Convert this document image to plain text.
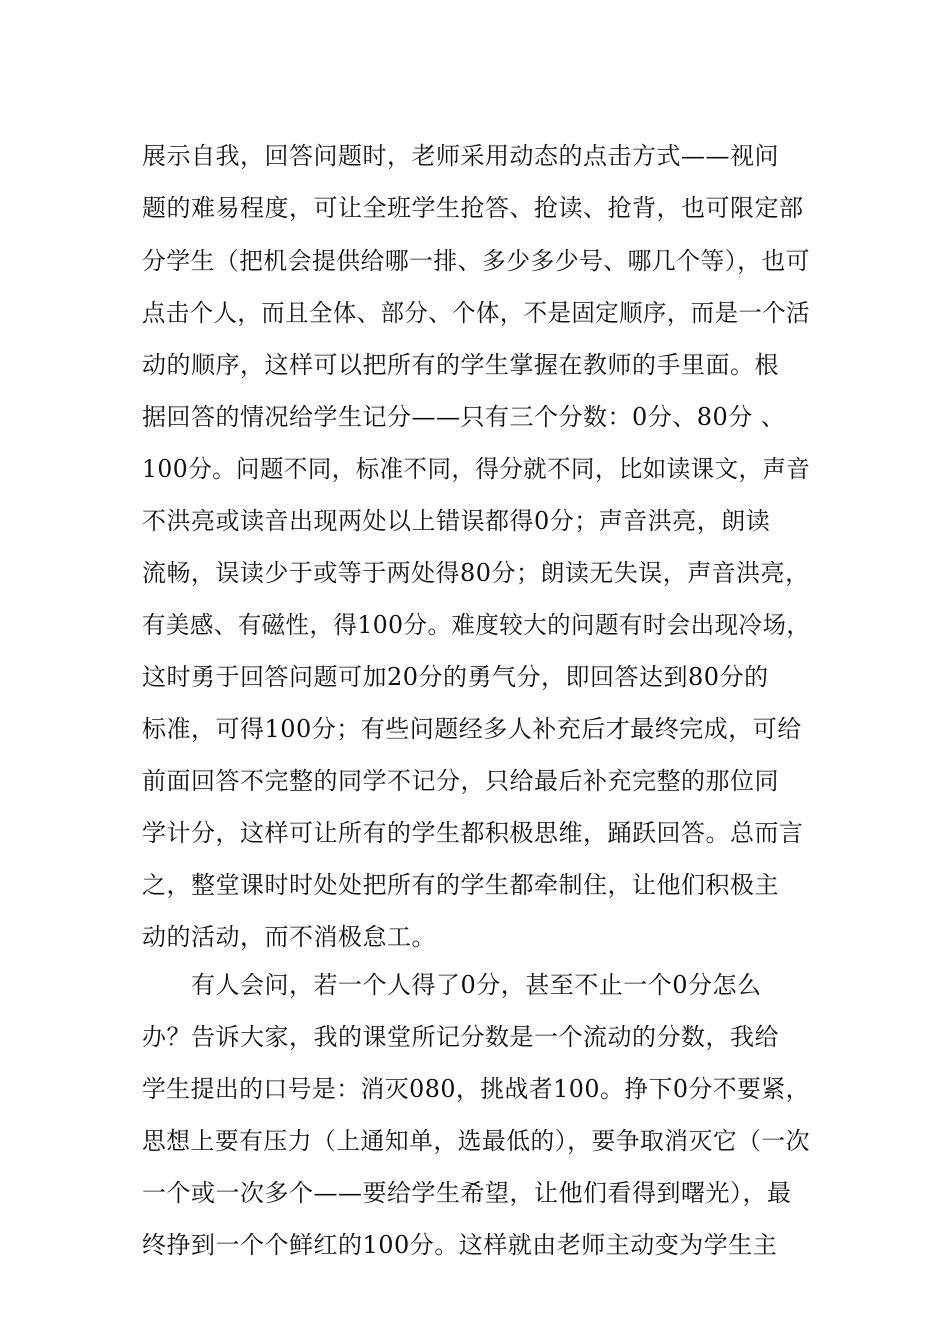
展示自我，回答问题时，老师采用动态的点击方式——视问
题的难易程度，可让全班学生抢答、抢读、抢背，也可限定部
分学生（把机会提供给哪一排、多少多少号、哪几个等），也可
点击个人，而且全体、部分、个体，不是固定顺序，而是一个活
动的顺序，这样可以把所有的学生掌握在教师的手里面。根
据回答的情况给学生记分——只有三个分数：0分、80分 、
100分。问题不同，标准不同，得分就不同，比如读课文，声音
不洪亮或读音出现两处以上错误都得0分；声音洪亮，朗读
流畅，误读少于或等于两处得80分；朗读无失误，声音洪亮，
有美感、有磁性，得100分。难度较大的问题有时会出现冷场，
这时勇于回答问题可加20分的勇气分，即回答达到80分的
标准，可得100分；有些问题经多人补充后才最终完成，可给
前面回答不完整的同学不记分，只给最后补充完整的那位同
学计分，这样可让所有的学生都积极思维，踊跃回答。总而言
之，整堂课时时处处把所有的学生都牵制住，让他们积极主
动的活动，而不消极怠工。
　　有人会问，若一个人得了0分，甚至不止一个0分怎么
办？告诉大家，我的课堂所记分数是一个流动的分数，我给
学生提出的口号是：消灭080，挑战者100。挣下0分不要紧，
思想上要有压力（上通知单，选最低的），要争取消灭它（一次
一个或一次多个——要给学生希望，让他们看得到曙光），最
终挣到一个个鲜红的100分。这样就由老师主动变为学生主
